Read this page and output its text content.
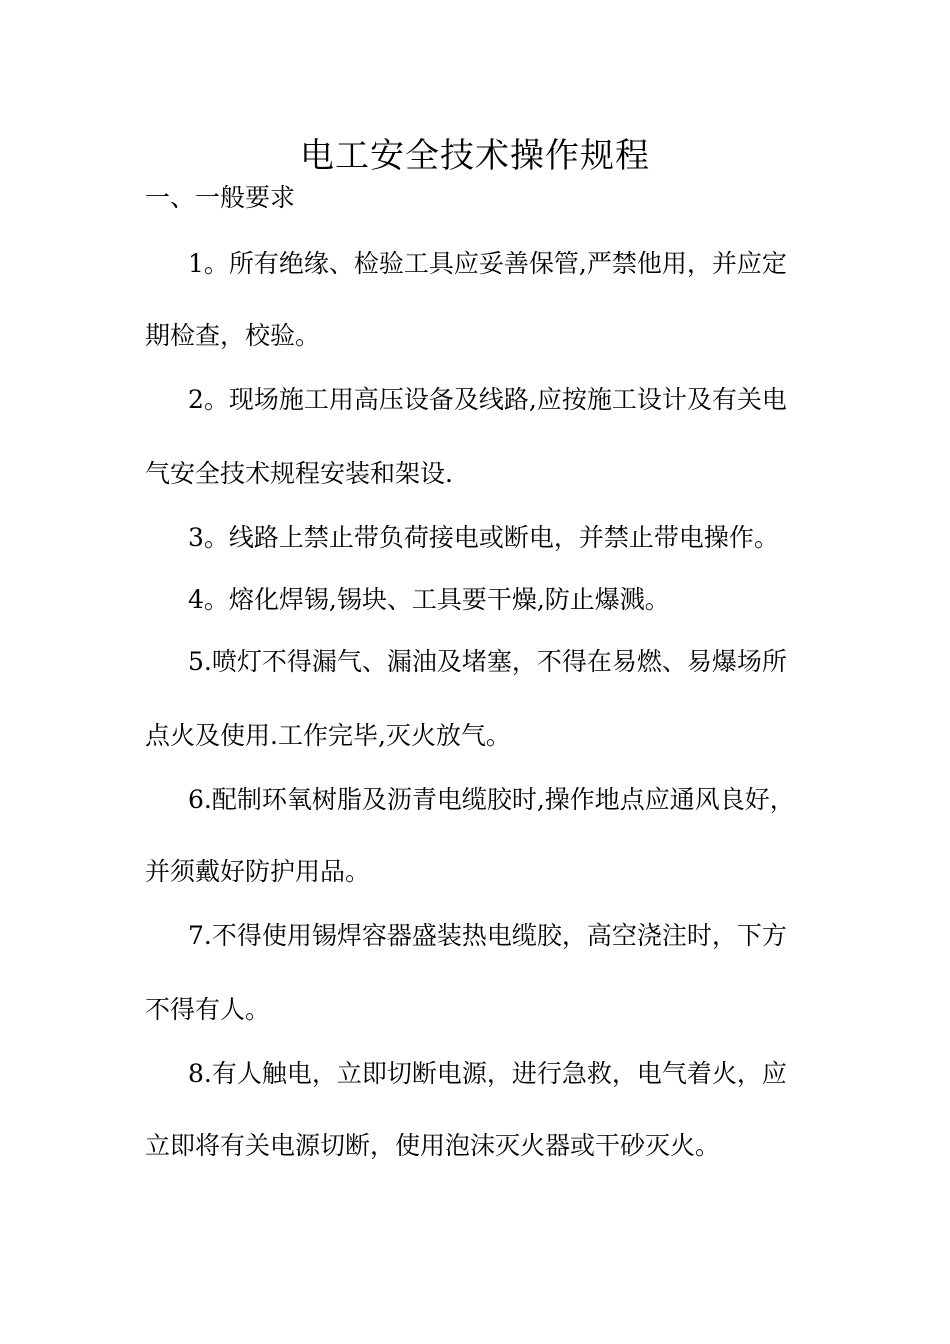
电工安全技术操作规程
一、一般要求
1。所有绝缘、检验工具应妥善保管,严禁他用，并应定
期检查，校验。
2。现场施工用高压设备及线路,应按施工设计及有关电
气安全技术规程安装和架设.
3。线路上禁止带负荷接电或断电，并禁止带电操作。
4。熔化焊锡,锡块、工具要干燥,防止爆溅。
5.喷灯不得漏气、漏油及堵塞，不得在易燃、易爆场所
点火及使用.工作完毕,灭火放气。
6.配制环氧树脂及沥青电缆胶时,操作地点应通风良好，
并须戴好防护用品。
7.不得使用锡焊容器盛装热电缆胶，高空浇注时，下方
不得有人。
8.有人触电，立即切断电源，进行急救，电气着火，应
立即将有关电源切断，使用泡沫灭火器或干砂灭火。
